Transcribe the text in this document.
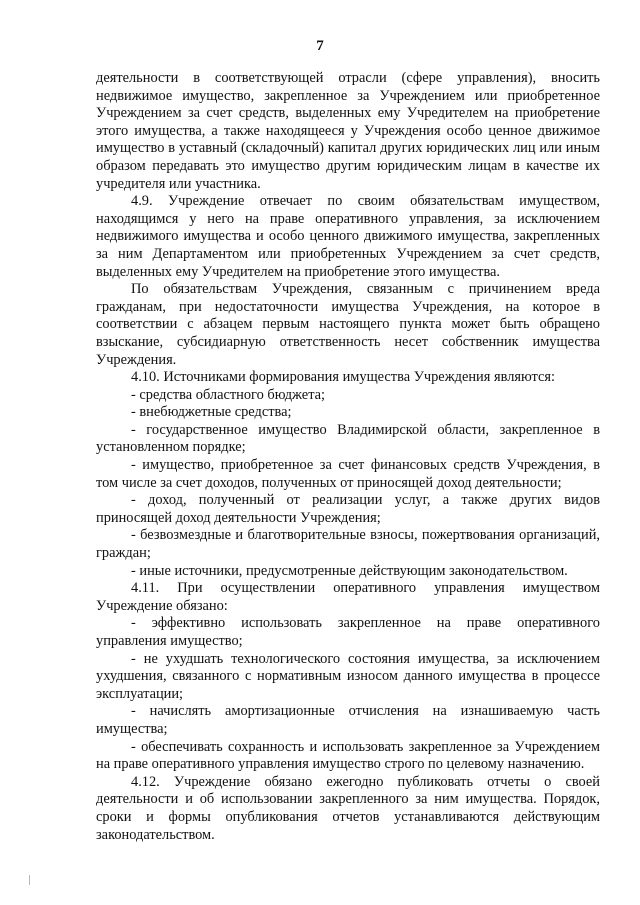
7

деятельности в соответствующей отрасли (сфере управления), вносить недвижимое имущество, закрепленное за Учреждением или приобретенное Учреждением за счет средств, выделенных ему Учредителем на приобретение этого имущества, а также находящееся у Учреждения особо ценное движимое имущество в уставный (складочный) капитал других юридических лиц или иным образом передавать это имущество другим юридическим лицам в качестве их учредителя или участника.

4.9. Учреждение отвечает по своим обязательствам имуществом, находящимся у него на праве оперативного управления, за исключением недвижимого имущества и особо ценного движимого имущества, закрепленных за ним Департаментом или приобретенных Учреждением за счет средств, выделенных ему Учредителем на приобретение этого имущества.

По обязательствам Учреждения, связанным с причинением вреда гражданам, при недостаточности имущества Учреждения, на которое в соответствии с абзацем первым настоящего пункта может быть обращено взыскание, субсидиарную ответственность несет собственник имущества Учреждения.

4.10. Источниками формирования имущества Учреждения являются:

- средства областного бюджета;

- внебюджетные средства;

- государственное имущество Владимирской области, закрепленное в установленном порядке;

- имущество, приобретенное за счет финансовых средств Учреждения, в том числе за счет доходов, полученных от приносящей доход деятельности;

- доход, полученный от реализации услуг, а также других видов приносящей доход деятельности Учреждения;

- безвозмездные и благотворительные взносы, пожертвования организаций, граждан;

- иные источники, предусмотренные действующим законодательством.

4.11. При осуществлении оперативного управления имуществом Учреждение обязано:

- эффективно использовать закрепленное на праве оперативного управления имущество;

- не ухудшать технологического состояния имущества, за исключением ухудшения, связанного с нормативным износом данного имущества в процессе эксплуатации;

- начислять амортизационные отчисления на изнашиваемую часть имущества;

- обеспечивать сохранность и использовать закрепленное за Учреждением на праве оперативного управления имущество строго по целевому назначению.

4.12. Учреждение обязано ежегодно публиковать отчеты о своей деятельности и об использовании закрепленного за ним имущества. Порядок, сроки и формы опубликования отчетов устанавливаются действующим законодательством.
